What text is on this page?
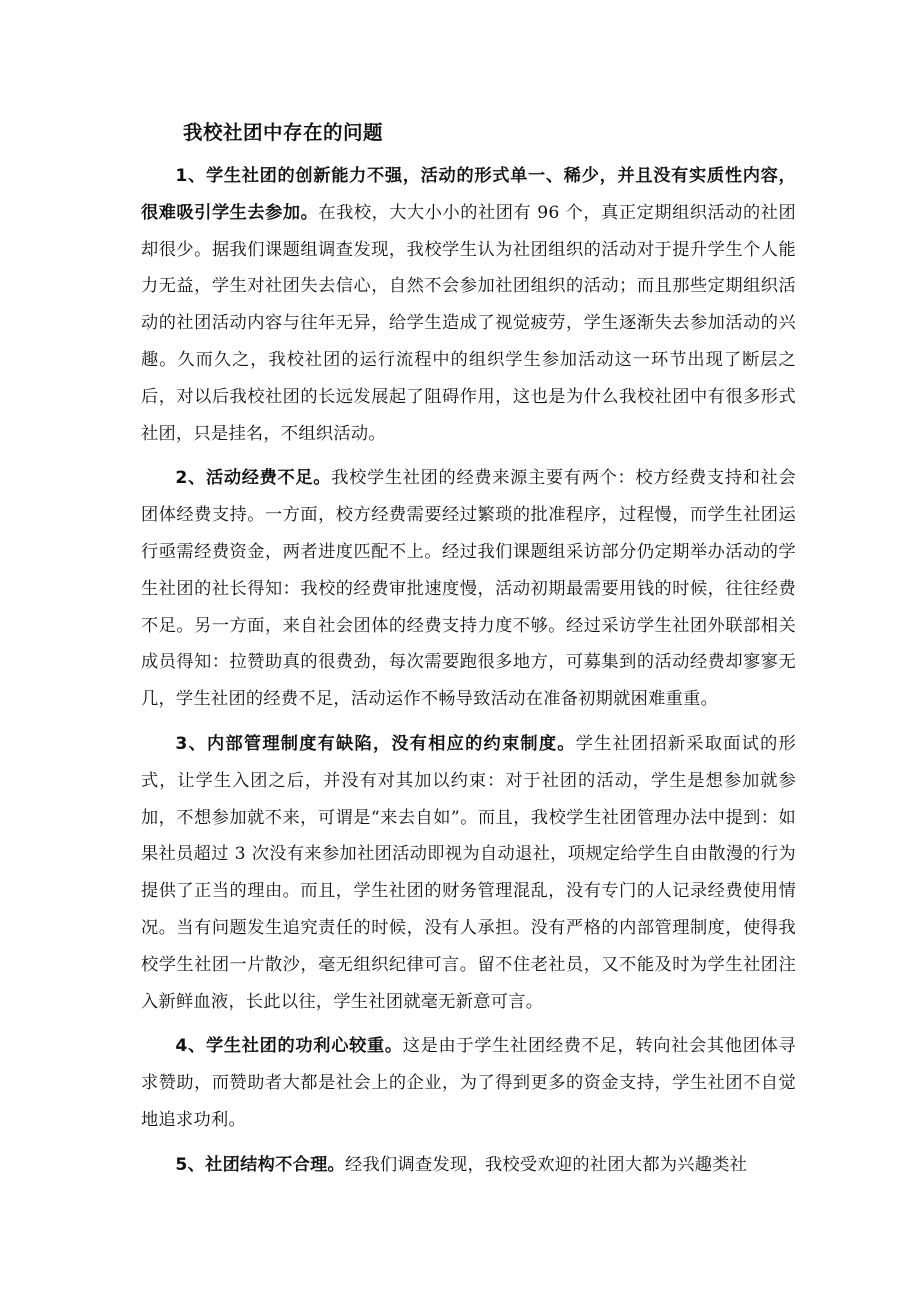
我校社团中存在的问题

1、学生社团的创新能力不强，活动的形式单一、稀少，并且没有实质性内容，很难吸引学生去参加。在我校，大大小小的社团有 96 个，真正定期组织活动的社团却很少。据我们课题组调查发现，我校学生认为社团组织的活动对于提升学生个人能力无益，学生对社团失去信心，自然不会参加社团组织的活动；而且那些定期组织活动的社团活动内容与往年无异，给学生造成了视觉疲劳，学生逐渐失去参加活动的兴趣。久而久之，我校社团的运行流程中的组织学生参加活动这一环节出现了断层之后，对以后我校社团的长远发展起了阻碍作用，这也是为什么我校社团中有很多形式社团，只是挂名，不组织活动。

2、活动经费不足。我校学生社团的经费来源主要有两个：校方经费支持和社会团体经费支持。一方面，校方经费需要经过繁琐的批准程序，过程慢，而学生社团运行亟需经费资金，两者进度匹配不上。经过我们课题组采访部分仍定期举办活动的学生社团的社长得知：我校的经费审批速度慢，活动初期最需要用钱的时候，往往经费不足。另一方面，来自社会团体的经费支持力度不够。经过采访学生社团外联部相关成员得知：拉赞助真的很费劲，每次需要跑很多地方，可募集到的活动经费却寥寥无几，学生社团的经费不足，活动运作不畅导致活动在准备初期就困难重重。

3、内部管理制度有缺陷，没有相应的约束制度。学生社团招新采取面试的形式，让学生入团之后，并没有对其加以约束：对于社团的活动，学生是想参加就参加，不想参加就不来，可谓是“来去自如”。而且，我校学生社团管理办法中提到：如果社员超过 3 次没有来参加社团活动即视为自动退社，项规定给学生自由散漫的行为提供了正当的理由。而且，学生社团的财务管理混乱，没有专门的人记录经费使用情况。当有问题发生追究责任的时候，没有人承担。没有严格的内部管理制度，使得我校学生社团一片散沙，毫无组织纪律可言。留不住老社员，又不能及时为学生社团注入新鲜血液，长此以往，学生社团就毫无新意可言。

4、学生社团的功利心较重。这是由于学生社团经费不足，转向社会其他团体寻求赞助，而赞助者大都是社会上的企业，为了得到更多的资金支持，学生社团不自觉地追求功利。

5、社团结构不合理。经我们调查发现，我校受欢迎的社团大都为兴趣类社
